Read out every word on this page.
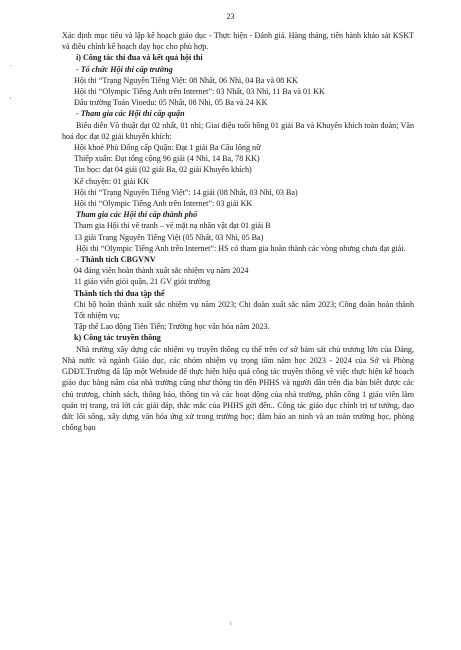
23
.
'

Xác định mục tiêu và lập kế hoạch giáo dục - Thực hiện - Đánh giá. Hàng tháng, tiến hành khảo sát KSKT và điều chỉnh kế hoạch dạy học cho phù hợp.

i) Công tác thi đua và kết quả hội thi

- Tổ chức Hội thi cấp trường

Hội thi “Trạng Nguyên Tiếng Việt: 08 Nhất, 06 Nhì, 04 Ba và 08 KK

Hội thi “Olympic Tiếng Anh trên Internet”: 03 Nhất, 03 Nhì, 11 Ba và 01 KK

Đấu trường Toán Vioedu: 05 Nhất, 08 Nhì, 05 Ba và 24 KK

- Tham gia các Hội thi cấp quận

Biểu diễn Võ thuật đạt 02 nhất, 01 nhì; Giai điệu tuổi hồng 01 giải Ba và Khuyến khích toàn đoàn; Văn hoá đọc đạt 02 giải khuyến khích:

Hội khoẻ Phù Đổng cấp Quận: Đạt 1 giải Ba Cầu lông nữ

Thiếp xuân: Đạt tổng cộng 96 giải (4 Nhì, 14 Ba, 78 KK)

Tin học: đạt 04 giải (02 giải Ba, 02 giải Khuyến khích)

Kể chuyện: 01 giải KK

Hội thi “Trạng Nguyên Tiếng Việt”: 14 giải (08 Nhất, 03 Nhì, 03 Ba)

Hội thi “Olympic Tiếng Anh trên Internet”: 03 giải KK

Tham gia các Hội thi cấp thành phố

Tham gia Hội thi vẽ tranh – vẽ mặt nạ nhân vật đạt 01 giải B

13 giải Trạng Nguyên Tiếng Việt (05 Nhất, 03 Nhì, 05 Ba)

Hội thi “Olympic Tiếng Anh trên Internet”: HS có tham gia hoàn thành các vòng nhưng chưa đạt giải.

- Thành tích CBGVNV

04 đảng viên hoàn thành xuất sắc nhiệm vụ năm 2024

11 giáo viên giỏi quận, 21 GV giỏi trường

Thành tích thi đua tập thể

Chi bộ hoàn thành xuất sắc nhiệm vụ năm 2023; Chi đoàn xuất sắc năm 2023; Công đoàn hoàn thành Tốt nhiệm vụ;

Tập thể Lao động Tiên Tiến; Trường học văn hóa năm 2023.

k) Công tác truyền thông

Nhà trường xây dựng các nhiệm vụ truyền thông cụ thể trên cơ sở bám sát chủ trương lớn của Đảng, Nhà nước và ngành Giáo dục, các nhóm nhiệm vụ trọng tâm năm học 2023 - 2024 của Sở và Phòng GDĐT.Trường đã lập một Webside để thực hiện hiệu quả công tác truyền thông về việc thực hiện kế hoạch giáo dục hàng năm của nhà trường cũng như thông tin đến PHHS và người dân trên địa bàn biết được các chủ trương, chính sách, thông báo, thông tin và các hoạt động của nhà trường, phân công 1 giáo viên làm quản trị trang, trả lời các giải đáp, thắc mắc của PHHS gửi đến.. Công tác giáo dục chính trị tư tưởng, đạo đức lối sống, xây dựng văn hóa ứng xử trong trường học; đảm bảo an ninh và an toàn trường học, phòng chống bạo

i
